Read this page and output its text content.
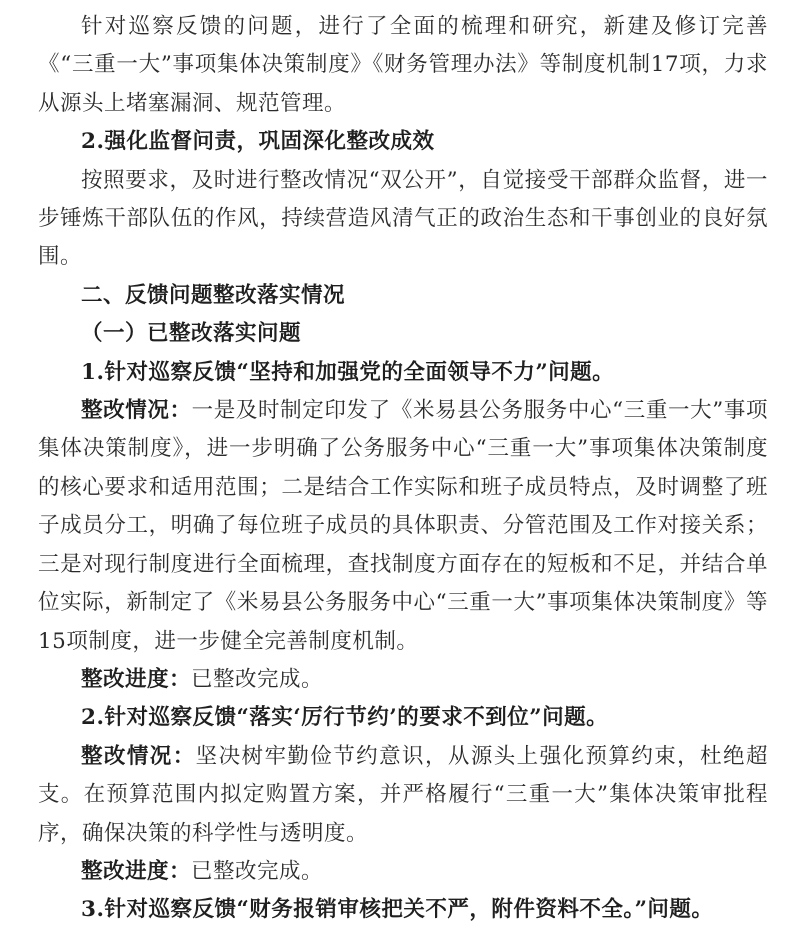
针对巡察反馈的问题，进行了全面的梳理和研究，新建及修订完善《“三重一大”事项集体决策制度》《财务管理办法》等制度机制17项，力求从源头上堵塞漏洞、规范管理。

2.强化监督问责，巩固深化整改成效

按照要求，及时进行整改情况“双公开”，自觉接受干部群众监督，进一步锤炼干部队伍的作风，持续营造风清气正的政治生态和干事创业的良好氛围。

二、反馈问题整改落实情况

（一）已整改落实问题

1.针对巡察反馈“坚持和加强党的全面领导不力”问题。

整改情况：一是及时制定印发了《米易县公务服务中心“三重一大”事项集体决策制度》，进一步明确了公务服务中心“三重一大”事项集体决策制度的核心要求和适用范围；二是结合工作实际和班子成员特点，及时调整了班子成员分工，明确了每位班子成员的具体职责、分管范围及工作对接关系；三是对现行制度进行全面梳理，查找制度方面存在的短板和不足，并结合单位实际，新制定了《米易县公务服务中心“三重一大”事项集体决策制度》等15项制度，进一步健全完善制度机制。

整改进度：已整改完成。

2.针对巡察反馈“落实‘厉行节约’的要求不到位”问题。

整改情况：坚决树牢勤俭节约意识，从源头上强化预算约束，杜绝超支。在预算范围内拟定购置方案，并严格履行“三重一大”集体决策审批程序，确保决策的科学性与透明度。

整改进度：已整改完成。

3.针对巡察反馈“财务报销审核把关不严，附件资料不全。”问题。
